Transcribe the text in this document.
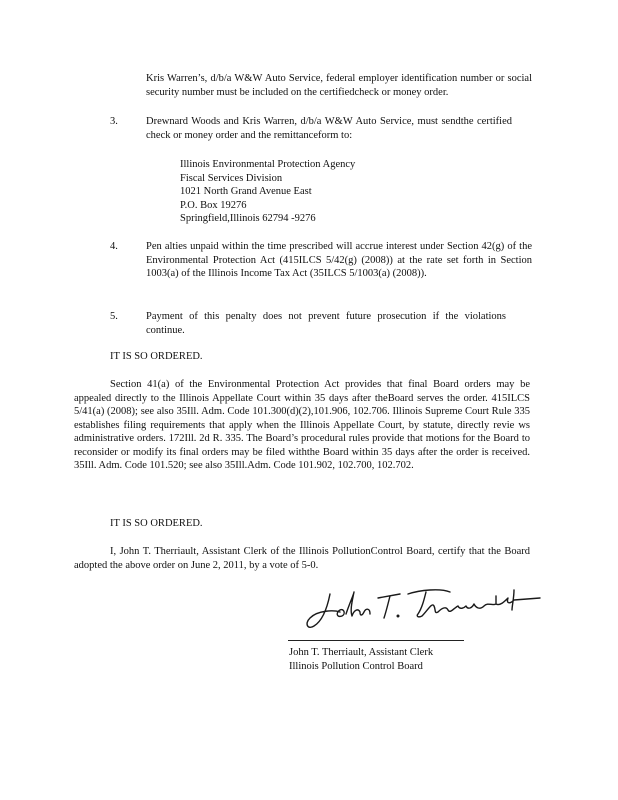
Kris Warren’s, d/b/a W&W Auto Service, federal employer identification number or social security number must be included on the certifiedcheck or money order.

3.	Drewnard Woods and Kris Warren, d/b/a W&W Auto Service, must sendthe certified check or money order and the remittanceform to:

Illinois Environmental Protection Agency
Fiscal Services Division
1021 North Grand Avenue East
P.O. Box 19276
Springfield,Illinois 62794 -9276
4.	Pen alties unpaid within the time prescribed will accrue interest under Section 42(g) of the Environmental Protection Act (415ILCS 5/42(g) (2008)) at the rate set forth in Section 1003(a) of the Illinois Income Tax Act (35ILCS 5/1003(a) (2008)).

5.	Payment of this penalty does not prevent future prosecution if the violations continue.

IT IS SO ORDERED.

Section 41(a) of the Environmental Protection Act provides that final Board orders may be appealed directly to the Illinois Appellate Court within 35 days after theBoard serves the order. 415ILCS 5/41(a) (2008); see also 35Ill. Adm. Code 101.300(d)(2),101.906, 102.706. Illinois Supreme Court Rule 335 establishes filing requirements that apply when the Illinois Appellate Court, by statute, directly revie ws administrative orders. 172Ill. 2d R. 335. The Board’s procedural rules provide that motions for the Board to reconsider or modify its final orders may be filed withthe Board within 35 days after the order is received. 35Ill. Adm. Code 101.520; see also 35Ill.Adm. Code 101.902, 102.700, 102.702.

IT IS SO ORDERED.

I, John T. Therriault, Assistant Clerk of the Illinois PollutionControl Board, certify that the Board adopted the above order on June 2, 2011, by a vote of 5-0.

John T. Therriault, Assistant Clerk

Illinois Pollution Control Board
